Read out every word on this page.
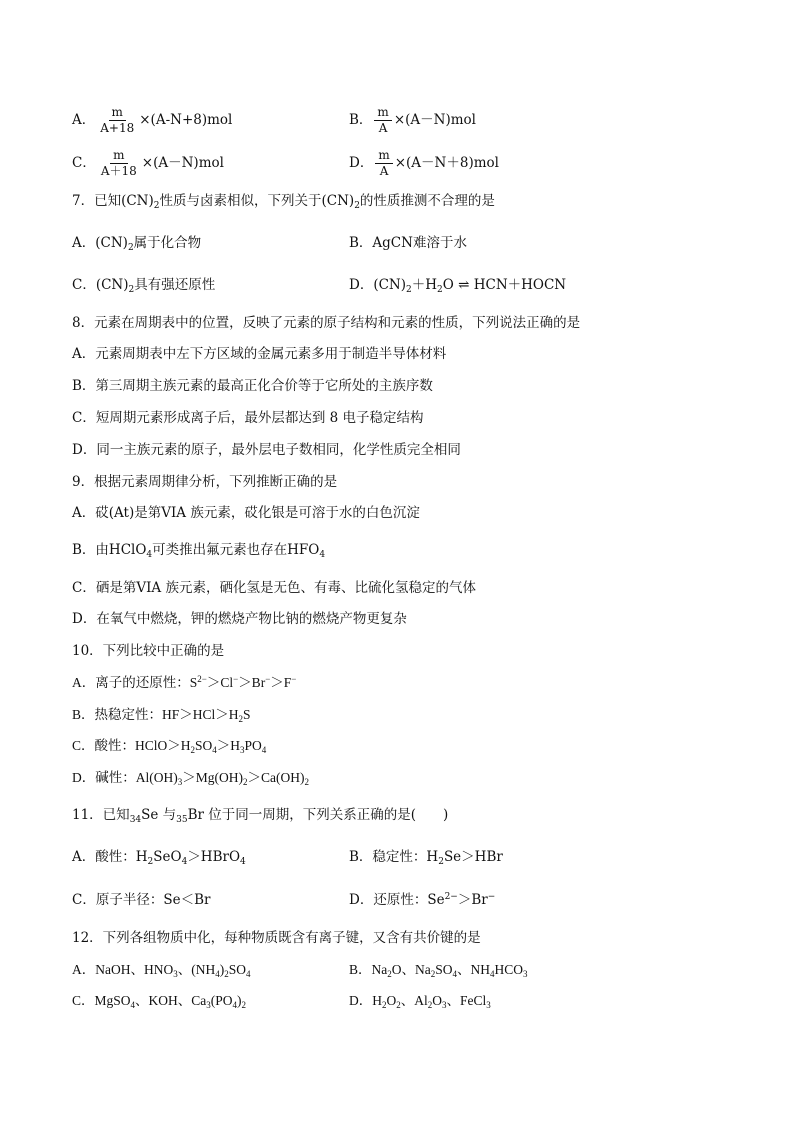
A． $\frac{m}{A+18} \times(A-N+8)mol$	B． $\frac{m}{A} \times(A-N)mol$
C． $\frac{m}{A+18} \times(A-N)mol$	D． $\frac{m}{A} \times(A-N+8)mol$
7．已知$(CN)_2$性质与卤素相似，下列关于$(CN)_2$的性质推测不合理的是
A．$(CN)_2$属于化合物	B．AgCN难溶于水
C．$(CN)_2$具有强还原性	D．$(CN)_2+H_2O$ ⇌ HCN＋HOCN
8．元素在周期表中的位置，反映了元素的原子结构和元素的性质，下列说法正确的是
A．元素周期表中左下方区域的金属元素多用于制造半导体材料
B．第三周期主族元素的最高正化合价等于它所处的主族序数
C．短周期元素形成离子后，最外层都达到 8 电子稳定结构
D．同一主族元素的原子，最外层电子数相同，化学性质完全相同
9．根据元素周期律分析，下列推断正确的是
A．砹(At)是第VIA 族元素，砹化银是可溶于水的白色沉淀
B．由HClO$_4$可类推出氟元素也存在$HFO_4$
C．硒是第VIA 族元素，硒化氢是无色、有毒、比硫化氢稳定的气体
D．在氧气中燃烧，钾的燃烧产物比钠的燃烧产物更复杂
10．下列比较中正确的是
A．离子的还原性：$S^{2-}>Cl^->Br^->F^-$
B．热稳定性：$HF>HCl>H_2S$
C．酸性：$HClO>H_2SO_4>H_3PO_4$
D．碱性：$Al(OH)_3>Mg(OH)_2>Ca(OH)_2$
11．已知$_{34}$Se 与$_{35}$Br 位于同一周期，下列关系正确的是(　　)
A．酸性：$H_2SeO_4>HBrO_4$	B．稳定性：$H_2Se>HBr$
C．原子半径：Se＜Br	D．还原性：$Se^{2-}>Br^-$
12．下列各组物质中化，每种物质既含有离子键，又含有共价键的是
A．NaOH、$HNO_3$、$(NH_4)_2SO_4$	B．$Na_2O$、$Na_2SO_4$、$NH_4HCO_3$
C．MgSO$_4$、KOH、$Ca_3(PO_4)_2$	D．$H_2O_2$、$Al_2O_3$、FeCl$_3$
